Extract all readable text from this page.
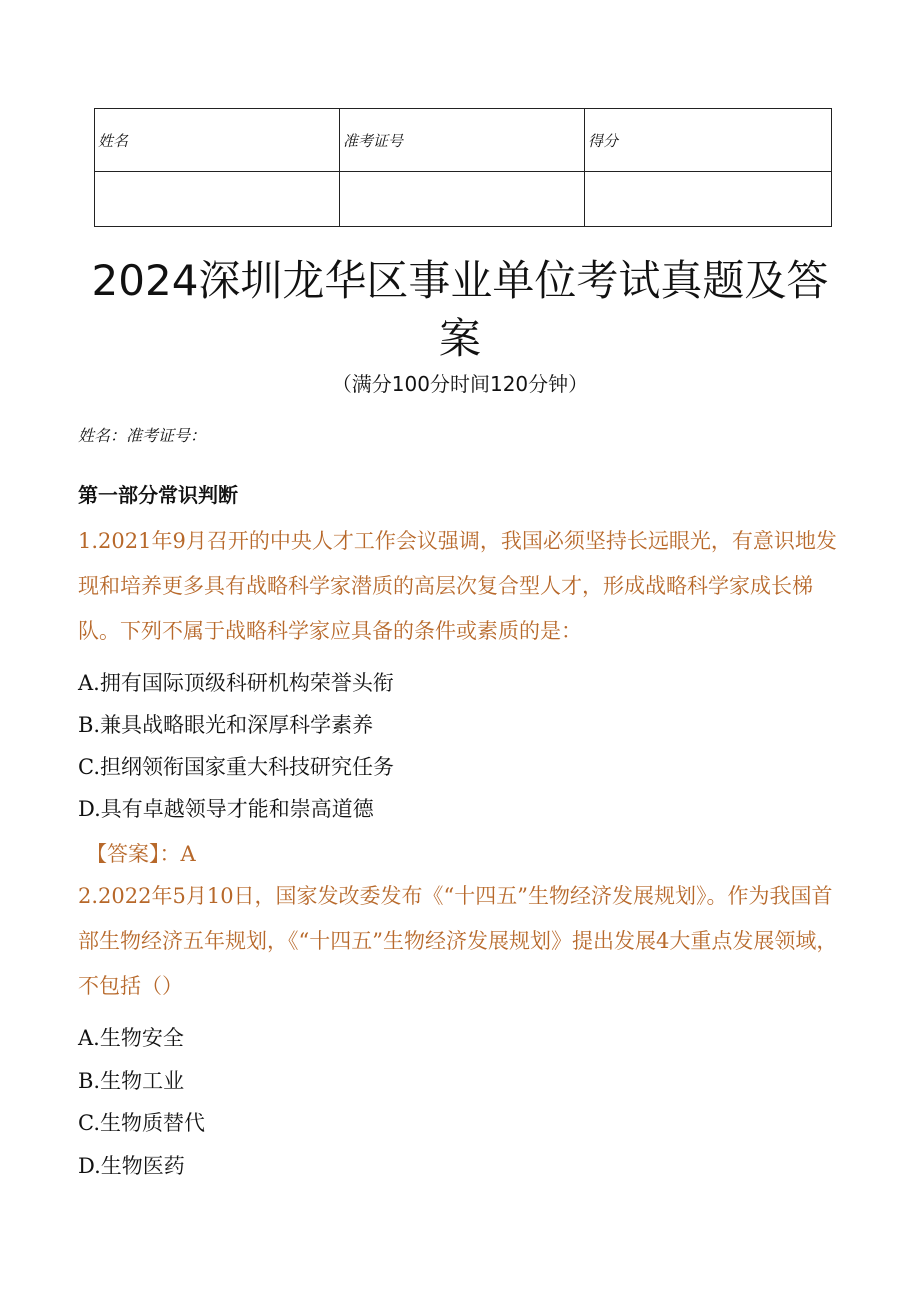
姓名	准考证号	得分

2024深圳龙华区事业单位考试真题及答
案
（满分100分时间120分钟）
姓名：准考证号：
第一部分常识判断

1.2021年9月召开的中央人才工作会议强调，我国必须坚持长远眼光，有意识地发现和培养更多具有战略科学家潜质的高层次复合型人才，形成战略科学家成长梯队。下列不属于战略科学家应具备的条件或素质的是：

A.拥有国际顶级科研机构荣誉头衔
B.兼具战略眼光和深厚科学素养
C.担纲领衔国家重大科技研究任务
D.具有卓越领导才能和崇高道德
【答案】：A

2.2022年5月10日，国家发改委发布《“十四五”生物经济发展规划》。作为我国首部生物经济五年规划，《“十四五”生物经济发展规划》提出发展4大重点发展领域，不包括（）

A.生物安全
B.生物工业
C.生物质替代
D.生物医药
